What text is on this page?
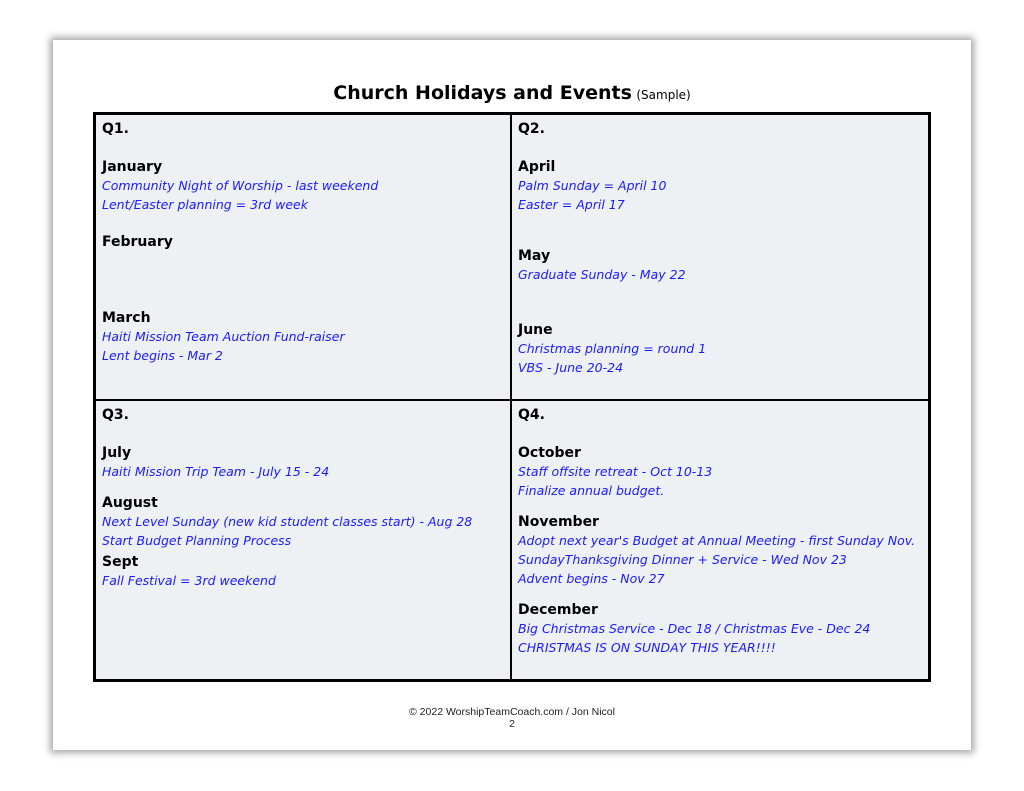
Church Holidays and Events (Sample)
Q1.
January
Community Night of Worship - last weekend
Lent/Easter planning = 3rd week
February
March
Haiti Mission Team Auction Fund-raiser
Lent begins - Mar 2
Q2.
April
Palm Sunday = April 10
Easter = April 17
May
Graduate Sunday - May 22
June
Christmas planning = round 1
VBS - June 20-24
Q3.
July
Haiti Mission Trip Team - July 15 - 24
August
Next Level Sunday (new kid student classes start) - Aug 28
Start Budget Planning Process
Sept
Fall Festival = 3rd weekend
Q4.
October
Staff offsite retreat - Oct 10-13
Finalize annual budget.
November
Adopt next year's Budget at Annual Meeting - first Sunday Nov.
SundayThanksgiving Dinner + Service - Wed Nov 23
Advent begins - Nov 27
December
Big Christmas Service - Dec 18 / Christmas Eve - Dec 24
CHRISTMAS IS ON SUNDAY THIS YEAR!!!!
© 2022 WorshipTeamCoach.com / Jon Nicol
2
